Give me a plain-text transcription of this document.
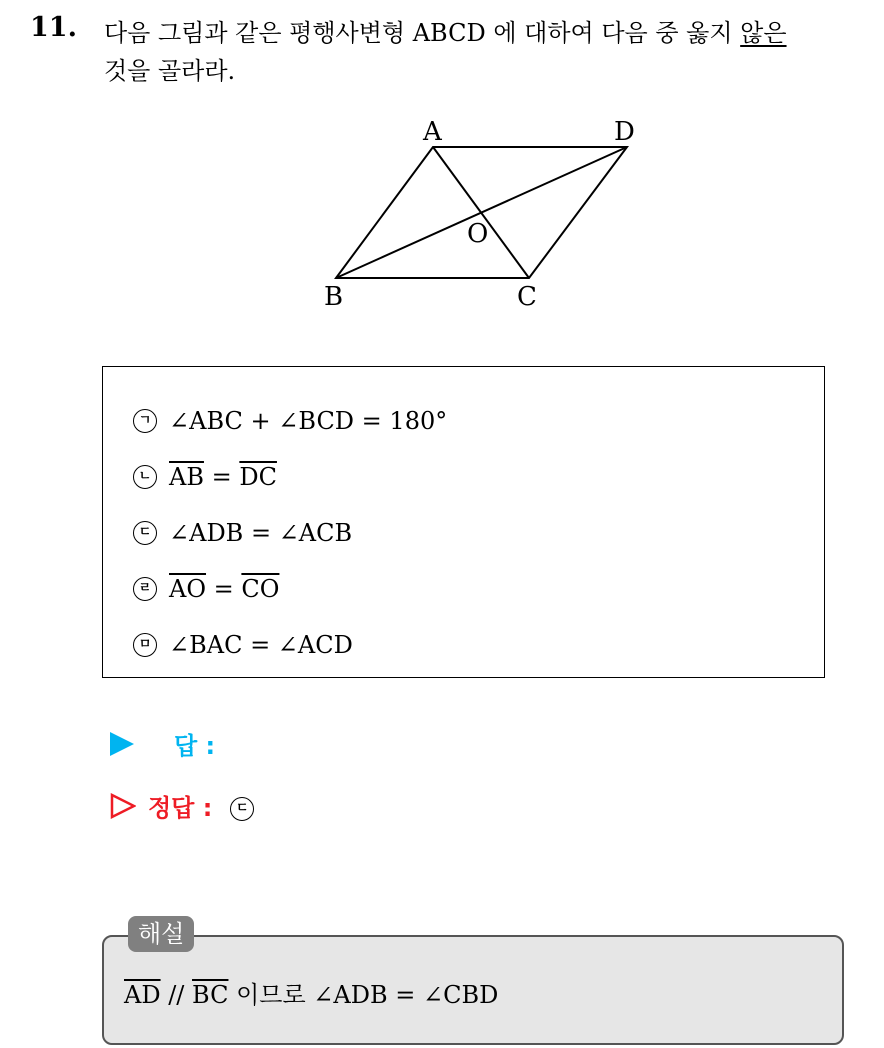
11. 다음 그림과 같은 평행사변형 ABCD 에 대하여 다음 중 옳지 않은
것을 골라라.
A	D
B	C
O
ㄱ ∠ABC + ∠BCD = 180°
ㄴ $\overline{AB} = \overline{DC}$
ㄷ ∠ADB = ∠ACB
ㄹ $\overline{AO} = \overline{CO}$
ㅁ ∠BAC = ∠ACD
답 :
정답 :	ㄷ
해설
$\overline{AD} // \overline{BC}$ 이므로 ∠ADB = ∠CBD
